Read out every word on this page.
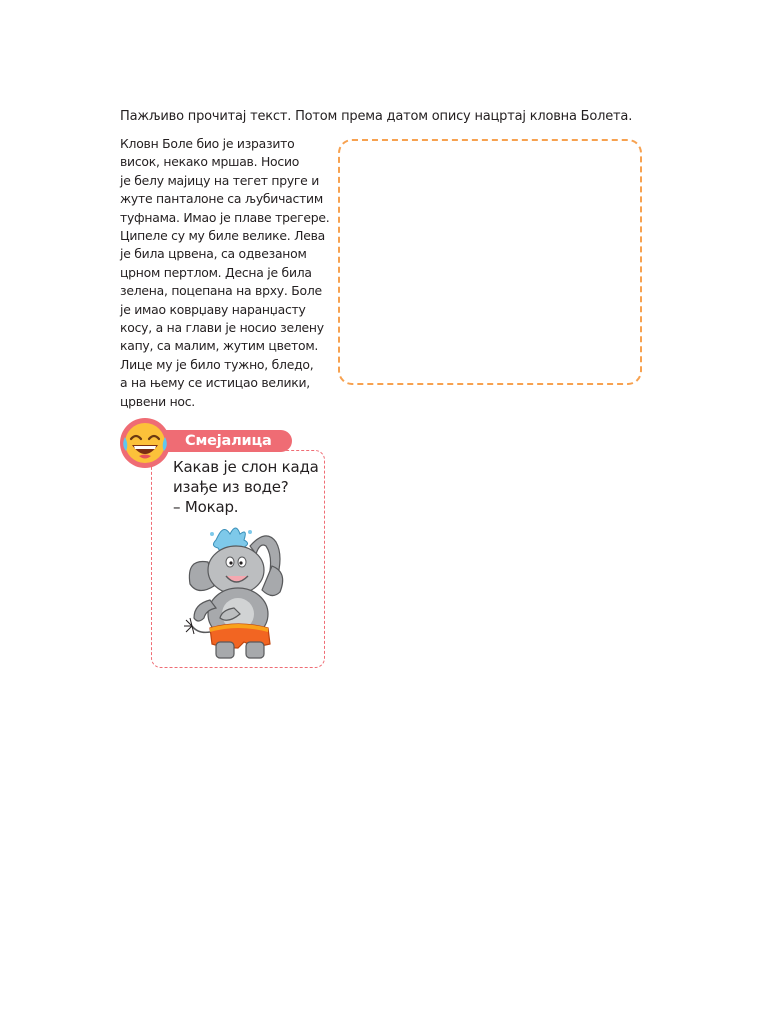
Пажљиво прочитај текст. Потом према датом опису нацртај кловна Болета.
Кловн Боле био је изразито
висок, некако мршав. Носио
је белу мајицу на тегет пруге и
жуте панталоне са љубичастим
туфнама. Имао је плаве трегере.
Ципеле су му биле велике. Лева
је била црвена, са одвезаном
црном пертлом. Десна је била
зелена, поцепана на врху. Боле
је имао коврџаву наранџасту
косу, а на глави је носио зелену
капу, са малим, жутим цветом.
Лице му је било тужно, бледо,
а на њему се истицао велики,
црвени нос.
Смејалица
Какав је слон када
изађе из воде?
– Мокар.
